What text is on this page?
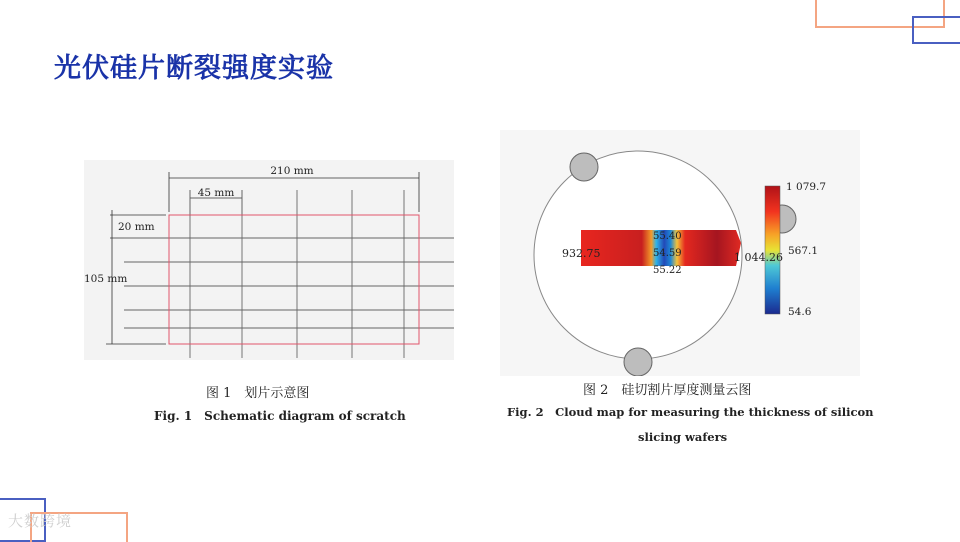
光伏硅片断裂强度实验
210 mm
45 mm
20 mm
105 mm
图 1　划片示意图
Fig. 1　Schematic diagram of scratch
932.75	1 044.26
55.40
54.59
55.22
1 079.7
567.1
54.6
图 2　硅切割片厚度测量云图
Fig. 2　Cloud map for measuring the thickness of silicon
slicing wafers
大数跨境
